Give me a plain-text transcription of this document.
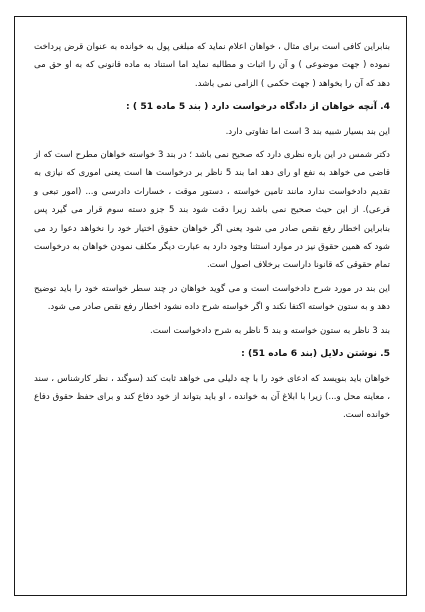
بنابراین کافی است برای مثال ، خواهان اعلام نماید که مبلغی پول به خوانده به عنوان قرض پرداخت نموده ( جهت موضوعی ) و آن را اثبات و مطالبه نماید اما استناد به ماده قانونی که به او حق می دهد که آن را بخواهد ( جهت حکمی ) الزامی نمی باشد.

4. آنچه خواهان از دادگاه درخواست دارد ( بند 5 ماده 51 ) :

این بند بسیار شبیه بند 3 است اما تفاوتی دارد.

دکتر شمس در این باره نظری دارد که صحیح نمی باشد ؛ در بند 3 خواسته خواهان مطرح است که از قاضی می خواهد به نفع او رای دهد اما بند 5 ناظر بر درخواست ها است یعنی اموری که نیازی به تقدیم دادخواست ندارد مانند تامین خواسته ، دستور موقت ، خسارات دادرسی و... (امور تبعی و فرعی). از این حیث صحیح نمی باشد زیرا دقت شود بند 5 جزو دسته سوم قرار می گیرد پس بنابراین اخطار رفع نقص صادر می شود یعنی اگر خواهان حقوق اختیار خود را نخواهد دعوا رد می شود که همین حقوق نیز در موارد استثنا وجود دارد به عبارت دیگر مکلف نمودن خواهان به درخواست تمام حقوقی که قانونا داراست برخلاف اصول است.

این بند در مورد شرح دادخواست است و می گوید خواهان در چند سطر خواسته خود را باید توضیح دهد و به ستون خواسته اکتفا نکند و اگر خواسته شرح داده نشود اخطار رفع نقص صادر می شود.

بند 3 ناظر به ستون خواسته و بند 5 ناظر به شرح دادخواست است.

5. نوشتن دلایل (بند 6 ماده 51) :

خواهان باید بنویسد که ادعای خود را با چه دلیلی می خواهد ثابت کند (سوگند ، نظر کارشناس ، سند ، معاینه محل و...) زیرا با ابلاغ آن به خوانده ، او باید بتواند از خود دفاع کند و برای حفظ حقوق دفاع خوانده است.
